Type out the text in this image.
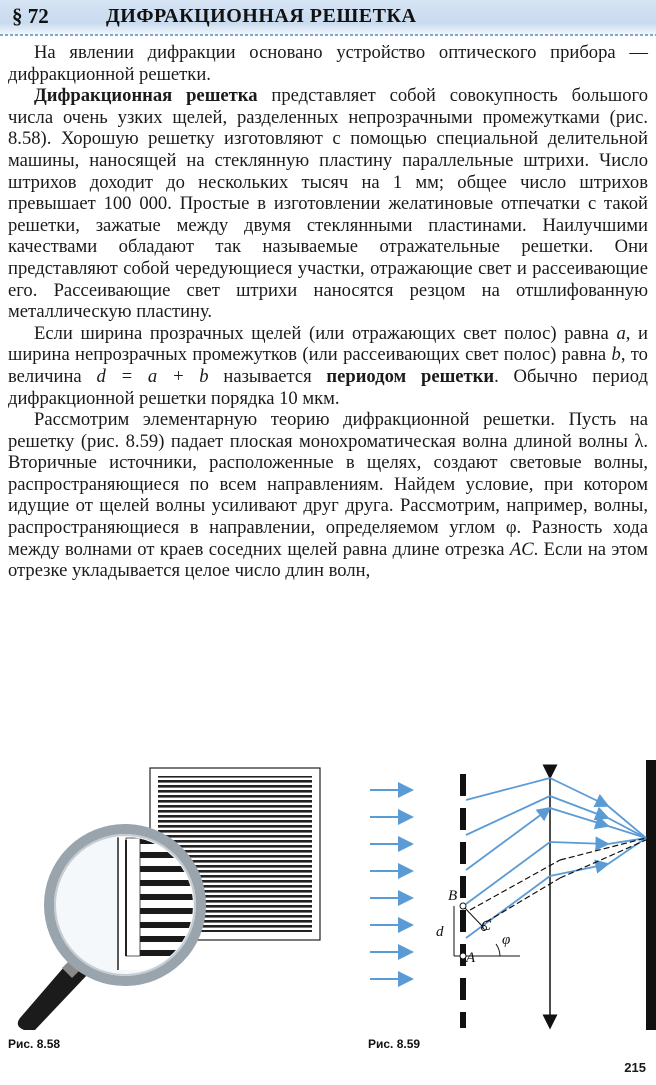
§ 72	ДИФРАКЦИОННАЯ РЕШЕТКА

На явлении дифракции основано устройство оптического прибора — дифракционной решетки.

Дифракционная решетка представляет собой совокупность большого числа очень узких щелей, разделенных непрозрачными промежутками (рис. 8.58). Хорошую решетку изготовляют с помощью специальной делительной машины, наносящей на стеклянную пластину параллельные штрихи. Число штрихов доходит до нескольких тысяч на 1 мм; общее число штрихов превышает 100 000. Простые в изготовлении желатиновые отпечатки с такой решетки, зажатые между двумя стеклянными пластинами. Наилучшими качествами обладают так называемые отражательные решетки. Они представляют собой чередующиеся участки, отражающие свет и рассеивающие его. Рассеивающие свет штрихи наносятся резцом на отшлифованную металлическую пластину.

Если ширина прозрачных щелей (или отражающих свет полос) равна a, и ширина непрозрачных промежутков (или рассеивающих свет полос) равна b, то величина d = a + b называется периодом решетки. Обычно период дифракционной решетки порядка 10 мкм.

Рассмотрим элементарную теорию дифракционной решетки. Пусть на решетку (рис. 8.59) падает плоская монохроматическая волна длиной волны λ. Вторичные источники, расположенные в щелях, создают световые волны, распространяющиеся по всем направлениям. Найдем условие, при котором идущие от щелей волны усиливают друг друга. Рассмотрим, например, волны, распространяющиеся в направлении, определяемом углом φ. Разность хода между волнами от краев соседних щелей равна длине отрезка AC. Если на этом отрезке укладывается целое число длин волн,

Рис. 8.58
B
C
A
d	φ
Рис. 8.59
215
